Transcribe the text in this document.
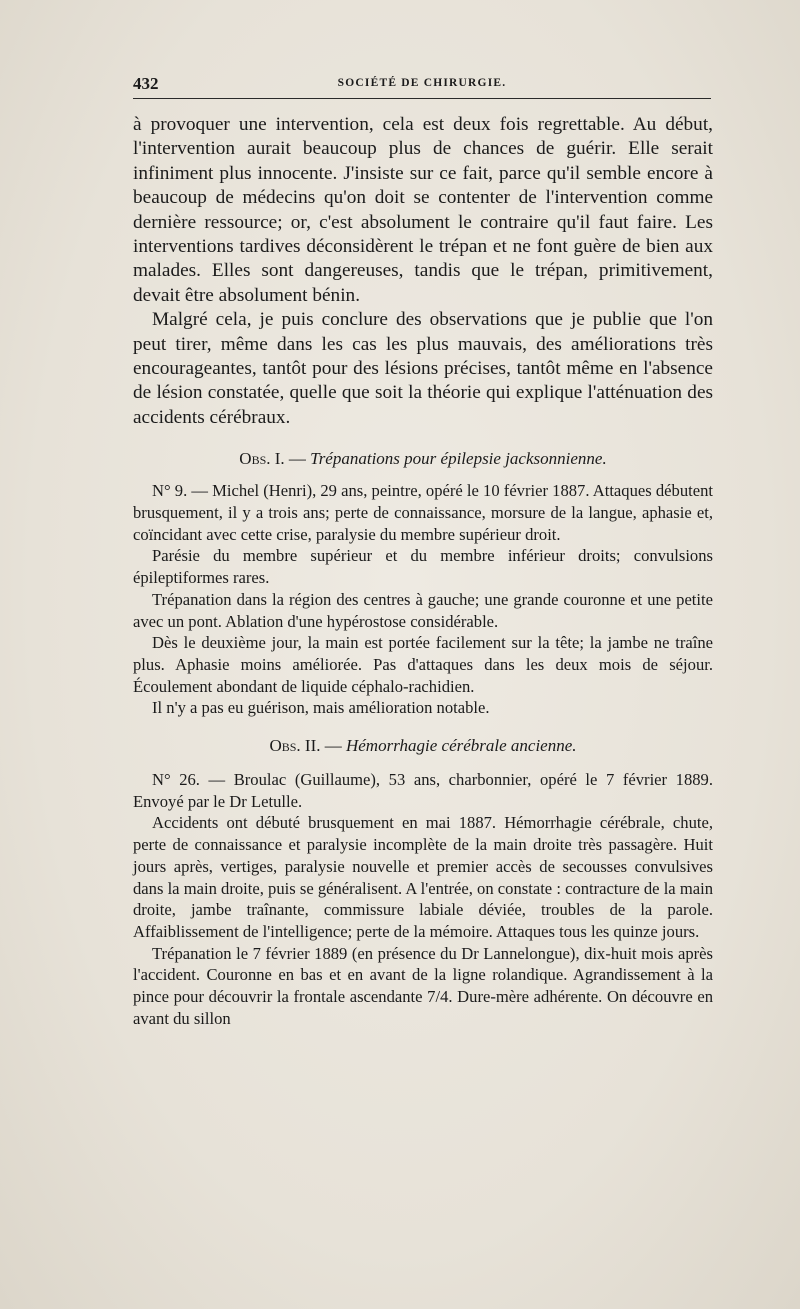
432	SOCIÉTÉ DE CHIRURGIE.

à provoquer une intervention, cela est deux fois regrettable. Au début, l'intervention aurait beaucoup plus de chances de guérir. Elle serait infiniment plus innocente. J'insiste sur ce fait, parce qu'il semble encore à beaucoup de médecins qu'on doit se contenter de l'intervention comme dernière ressource; or, c'est absolument le contraire qu'il faut faire. Les interventions tardives déconsidèrent le trépan et ne font guère de bien aux malades. Elles sont dangereuses, tandis que le trépan, primitivement, devait être absolument bénin.

Malgré cela, je puis conclure des observations que je publie que l'on peut tirer, même dans les cas les plus mauvais, des améliorations très encourageantes, tantôt pour des lésions précises, tantôt même en l'absence de lésion constatée, quelle que soit la théorie qui explique l'atténuation des accidents cérébraux.

Obs. I. — Trépanations pour épilepsie jacksonnienne.

N° 9. — Michel (Henri), 29 ans, peintre, opéré le 10 février 1887. Attaques débutent brusquement, il y a trois ans; perte de connaissance, morsure de la langue, aphasie et, coïncidant avec cette crise, paralysie du membre supérieur droit.

Parésie du membre supérieur et du membre inférieur droits; convulsions épileptiformes rares.

Trépanation dans la région des centres à gauche; une grande couronne et une petite avec un pont. Ablation d'une hypérostose considérable.

Dès le deuxième jour, la main est portée facilement sur la tête; la jambe ne traîne plus. Aphasie moins améliorée. Pas d'attaques dans les deux mois de séjour. Écoulement abondant de liquide céphalo-rachidien.

Il n'y a pas eu guérison, mais amélioration notable.

Obs. II. — Hémorrhagie cérébrale ancienne.

N° 26. — Broulac (Guillaume), 53 ans, charbonnier, opéré le 7 février 1889. Envoyé par le Dr Letulle.

Accidents ont débuté brusquement en mai 1887. Hémorrhagie cérébrale, chute, perte de connaissance et paralysie incomplète de la main droite très passagère. Huit jours après, vertiges, paralysie nouvelle et premier accès de secousses convulsives dans la main droite, puis se généralisent. A l'entrée, on constate : contracture de la main droite, jambe traînante, commissure labiale déviée, troubles de la parole. Affaiblissement de l'intelligence; perte de la mémoire. Attaques tous les quinze jours.

Trépanation le 7 février 1889 (en présence du Dr Lannelongue), dix-huit mois après l'accident. Couronne en bas et en avant de la ligne rolandique. Agrandissement à la pince pour découvrir la frontale ascendante 7/4. Dure-mère adhérente. On découvre en avant du sillon
